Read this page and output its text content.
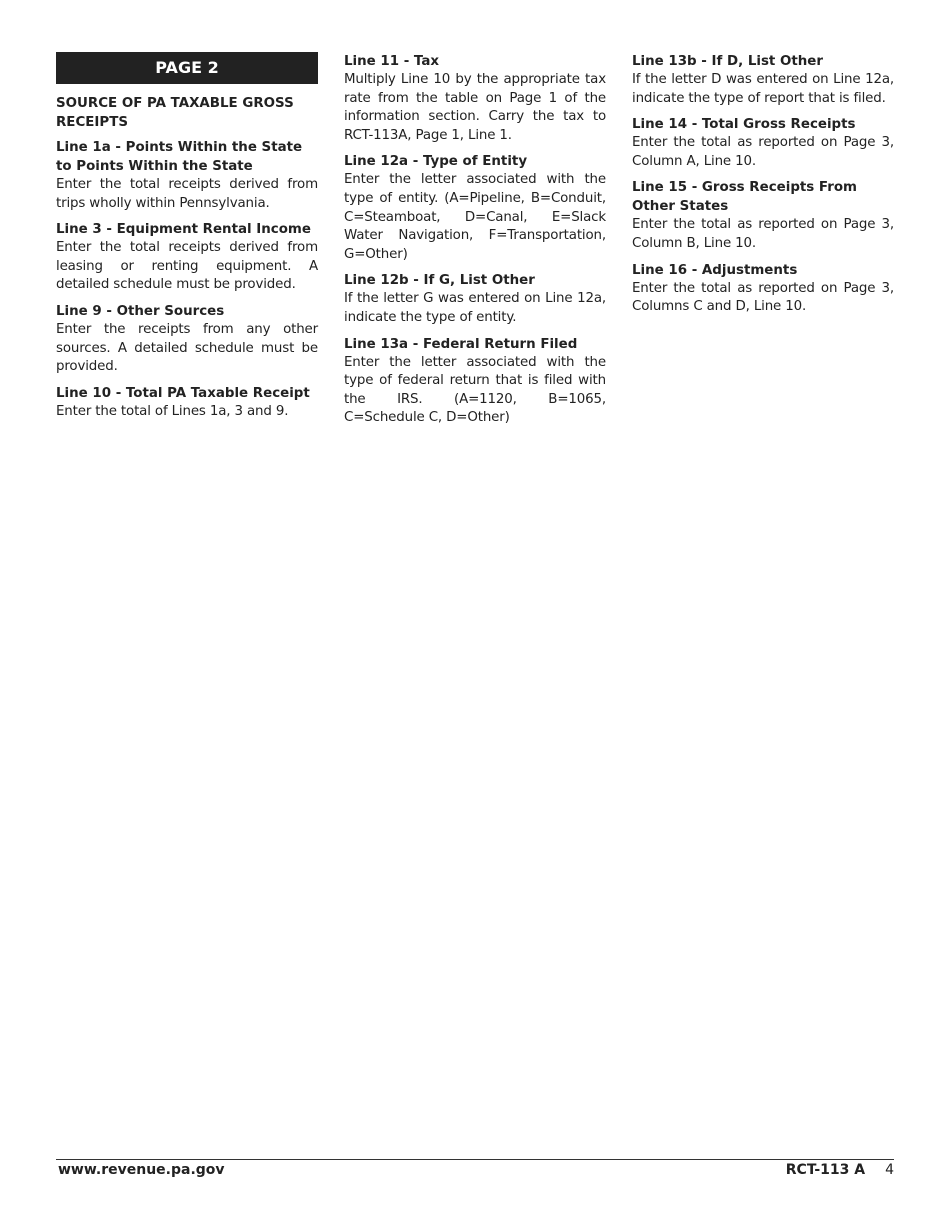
PAGE 2
SOURCE OF PA TAXABLE GROSS RECEIPTS
Line 1a - Points Within the State to Points Within the State
Enter the total receipts derived from trips wholly within Pennsylvania.
Line 3 - Equipment Rental Income
Enter the total receipts derived from leasing or renting equipment. A detailed schedule must be provided.
Line 9 - Other Sources
Enter the receipts from any other sources. A detailed schedule must be provided.
Line 10 - Total PA Taxable Receipt
Enter the total of Lines 1a, 3 and 9.
Line 11 - Tax
Multiply Line 10 by the appropriate tax rate from the table on Page 1 of the information section. Carry the tax to RCT-113A, Page 1, Line 1.
Line 12a - Type of Entity
Enter the letter associated with the type of entity. (A=Pipeline, B=Conduit, C=Steamboat, D=Canal, E=Slack Water Navigation, F=Transportation, G=Other)
Line 12b - If G, List Other
If the letter G was entered on Line 12a, indicate the type of entity.
Line 13a - Federal Return Filed
Enter the letter associated with the type of federal return that is filed with the IRS. (A=1120, B=1065, C=Schedule C, D=Other)
Line 13b - If D, List Other
If the letter D was entered on Line 12a, indicate the type of report that is filed.
Line 14 - Total Gross Receipts
Enter the total as reported on Page 3, Column A, Line 10.
Line 15 - Gross Receipts From Other States
Enter the total as reported on Page 3, Column B, Line 10.
Line 16 - Adjustments
Enter the total as reported on Page 3, Columns C and D, Line 10.
www.revenue.pa.gov	RCT-113 A 4
